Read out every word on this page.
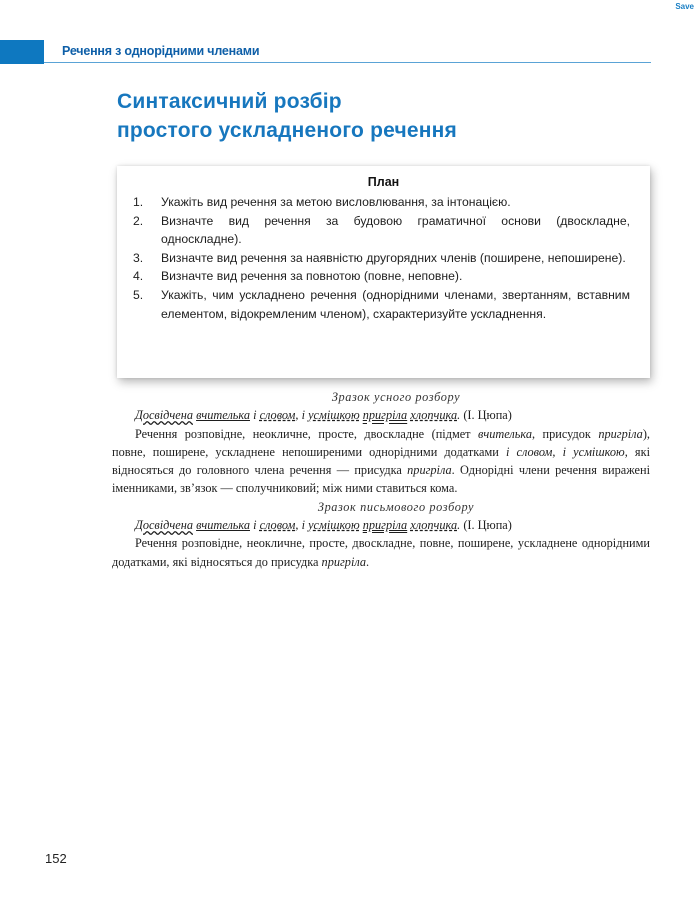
Save
Речення з однорідними членами
Синтаксичний розбір
простого ускладненого речення
План
1. Укажіть вид речення за метою висловлювання, за інтонацією.
2. Визначте вид речення за будовою граматичної основи (двоскладне, односкладне).
3. Визначте вид речення за наявністю другорядних членів (поширене, непоширене).
4. Визначте вид речення за повнотою (повне, неповне).
5. Укажіть, чим ускладнено речення (однорідними членами, звертанням, вставним елементом, відокремленим членом), схарактеризуйте ускладнення.
Зразок усного розбору
Досвідчена вчителька і словом, і усмішкою пригріла хлопчика. (І. Цюпа)

Речення розповідне, неокличне, просте, двоскладне (підмет вчителька, присудок пригріла), повне, поширене, ускладнене непоширеними однорідними додатками і словом, і усмішкою, які відносяться до головного члена речення — присудка пригріла. Однорідні члени речення виражені іменниками, зв’язок — сполучниковий; між ними ставиться кома.

Зразок письмового розбору
Досвідчена вчителька і словом, і усмішкою пригріла хлопчика. (І. Цюпа)

Речення розповідне, неокличне, просте, двоскладне, повне, поширене, ускладнене однорідними додатками, які відносяться до присудка пригріла.

152
